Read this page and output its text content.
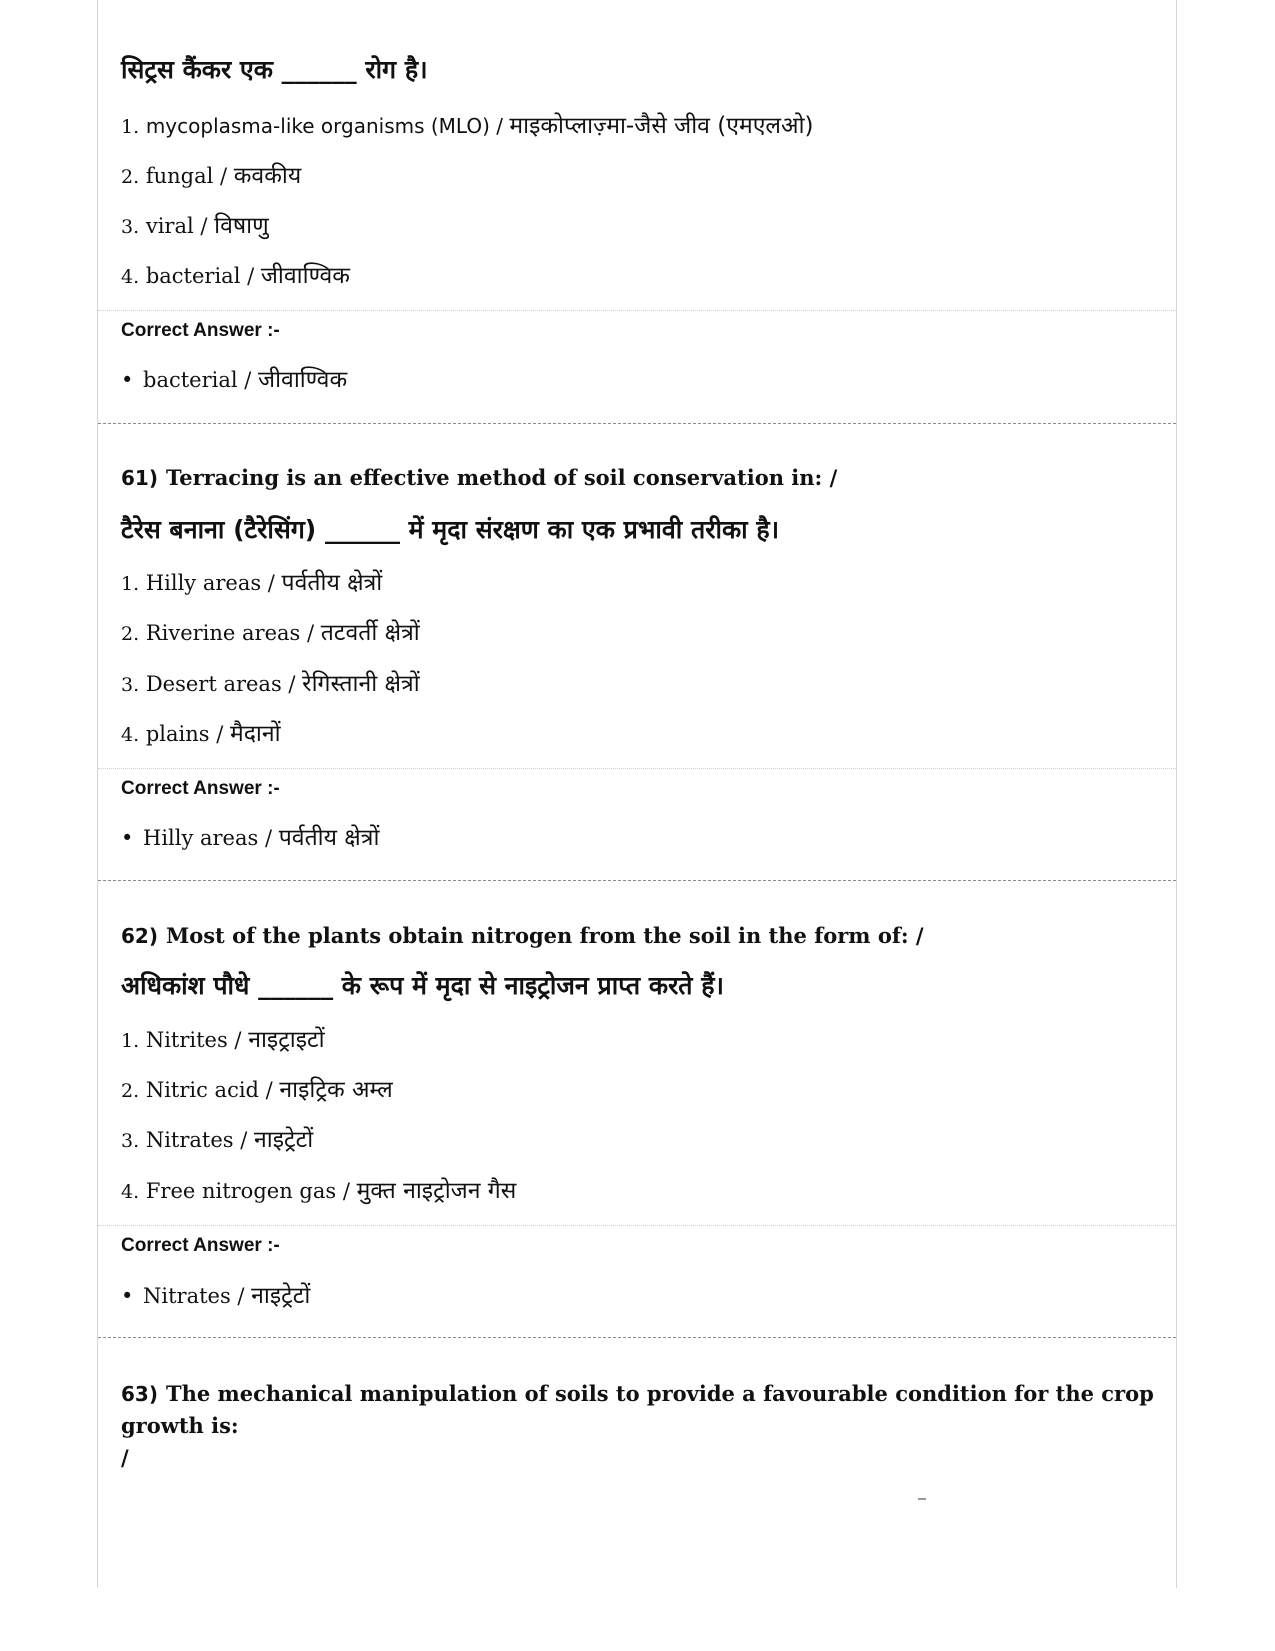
सिट्रस कैंकर एक ______ रोग है।
1. mycoplasma-like organisms (MLO) / माइकोप्लाज़्मा-जैसे जीव (एमएलओ)
2. fungal / कवकीय
3. viral / विषाणु
4. bacterial / जीवाण्विक
Correct Answer :-
• bacterial / जीवाण्विक
61) Terracing is an effective method of soil conservation in: /
टैरेस बनाना (टैरेसिंग) ______ में मृदा संरक्षण का एक प्रभावी तरीका है।
1. Hilly areas / पर्वतीय क्षेत्रों
2. Riverine areas / तटवर्ती क्षेत्रों
3. Desert areas / रेगिस्तानी क्षेत्रों
4. plains / मैदानों
Correct Answer :-
• Hilly areas / पर्वतीय क्षेत्रों
62) Most of the plants obtain nitrogen from the soil in the form of: /
अधिकांश पौधे ______ के रूप में मृदा से नाइट्रोजन प्राप्त करते हैं।
1. Nitrites / नाइट्राइटों
2. Nitric acid / नाइट्रिक अम्ल
3. Nitrates / नाइट्रेटों
4. Free nitrogen gas / मुक्त नाइट्रोजन गैस
Correct Answer :-
• Nitrates / नाइट्रेटों
63) The mechanical manipulation of soils to provide a favourable condition for the crop growth is:
/
